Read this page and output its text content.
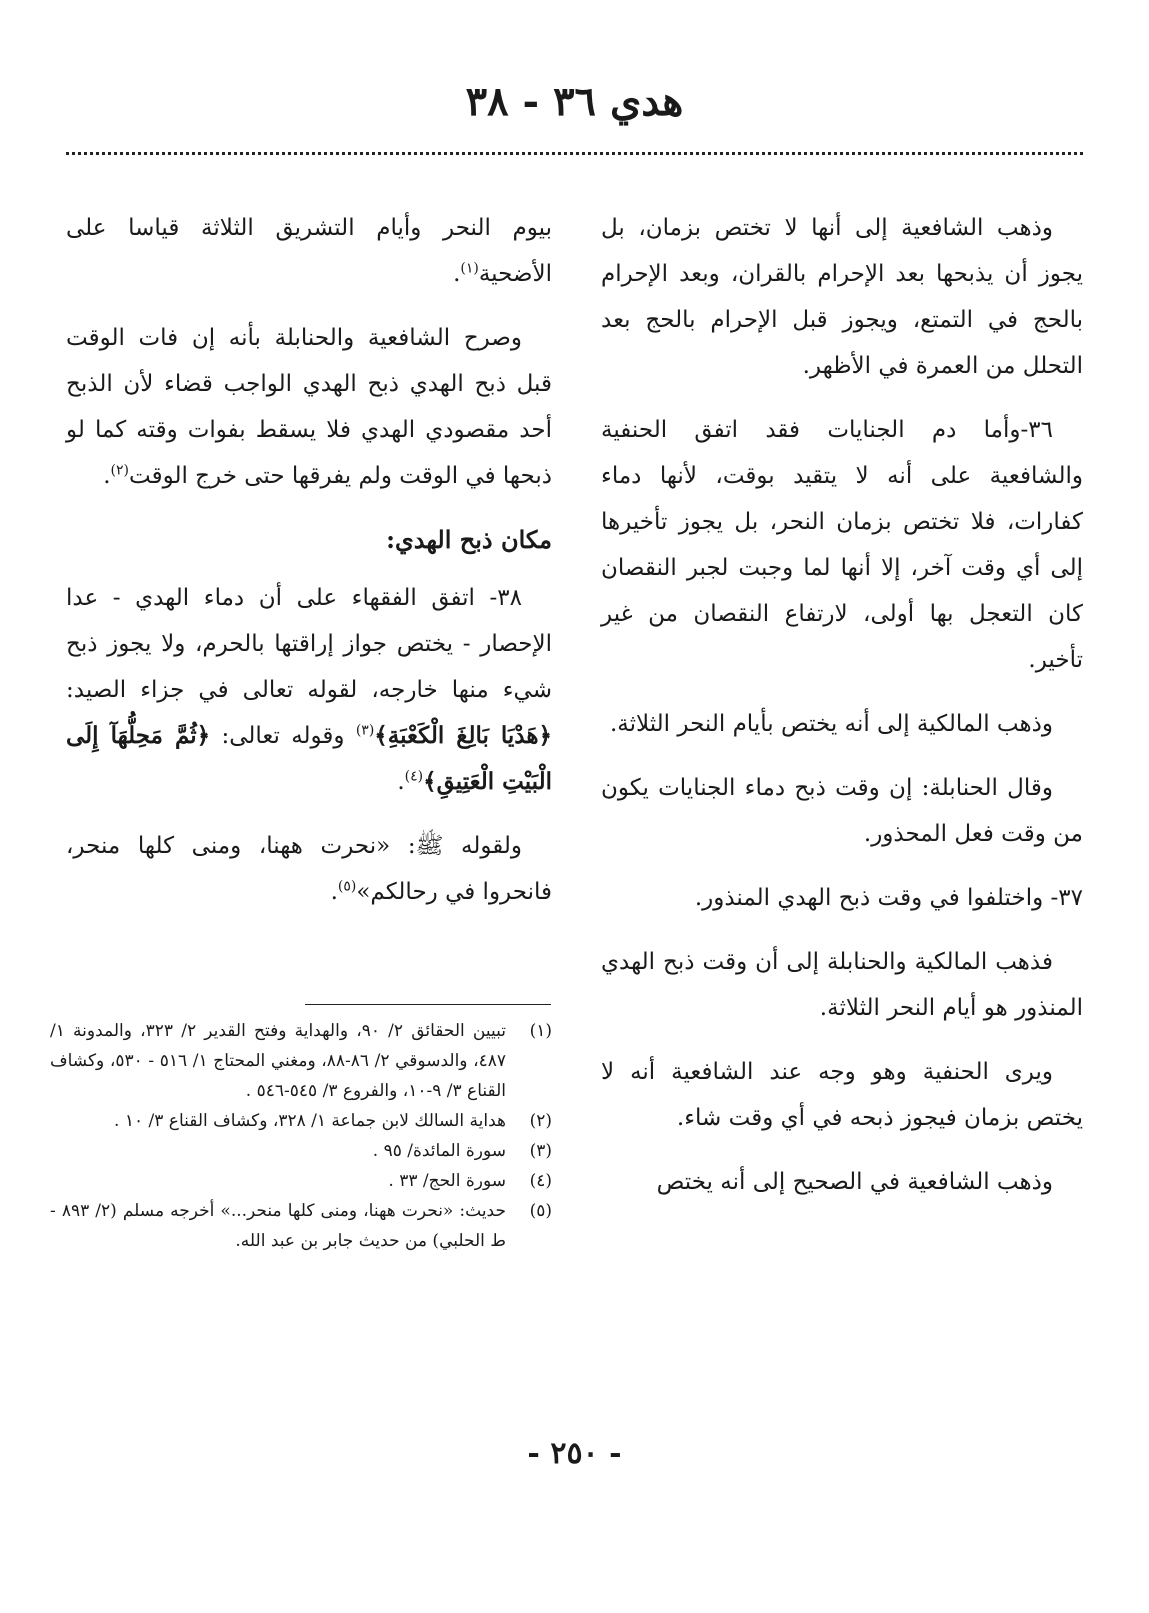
هدي ٣٦ - ٣٨

وذهب الشافعية إلى أنها لا تختص بزمان، بل يجوز أن يذبحها بعد الإحرام بالقران، وبعد الإحرام بالحج في التمتع، ويجوز قبل الإحرام بالحج بعد التحلل من العمرة في الأظهر.

٣٦-وأما دم الجنايات فقد اتفق الحنفية والشافعية على أنه لا يتقيد بوقت، لأنها دماء كفارات، فلا تختص بزمان النحر، بل يجوز تأخيرها إلى أي وقت آخر، إلا أنها لما وجبت لجبر النقصان كان التعجل بها أولى، لارتفاع النقصان من غير تأخير.

وذهب المالكية إلى أنه يختص بأيام النحر الثلاثة.

وقال الحنابلة: إن وقت ذبح دماء الجنايات يكون من وقت فعل المحذور.

٣٧- واختلفوا في وقت ذبح الهدي المنذور.

فذهب المالكية والحنابلة إلى أن وقت ذبح الهدي المنذور هو أيام النحر الثلاثة.

ويرى الحنفية وهو وجه عند الشافعية أنه لا يختص بزمان فيجوز ذبحه في أي وقت شاء.

وذهب الشافعية في الصحيح إلى أنه يختص

بيوم النحر وأيام التشريق الثلاثة قياسا على الأضحية$^{(١)}$.

وصرح الشافعية والحنابلة بأنه إن فات الوقت قبل ذبح الهدي ذبح الهدي الواجب قضاء لأن الذبح أحد مقصودي الهدي فلا يسقط بفوات وقته كما لو ذبحها في الوقت ولم يفرقها حتى خرج الوقت$^{(٢)}$.

مكان ذبح الهدي:

٣٨- اتفق الفقهاء على أن دماء الهدي - عدا الإحصار - يختص جواز إراقتها بالحرم، ولا يجوز ذبح شيء منها خارجه، لقوله تعالى في جزاء الصيد: ﴿هَدْيَا بَالِغَ الْكَعْبَةِ﴾$^{(٣)}$ وقوله تعالى: ﴿ثُمَّ مَحِلُّهَآ إِلَى الْبَيْتِ الْعَتِيقِ﴾$^{(٤)}$.

ولقوله ﷺ: «نحرت ههنا، ومنى كلها منحر، فانحروا في رحالكم»$^{(٥)}$.

(١)
تبيين الحقائق ٢/ ٩٠، والهداية وفتح القدير ٢/ ٣٢٣، والمدونة ١/ ٤٨٧، والدسوقي ٢/ ٨٦-٨٨، ومغني المحتاج ١/ ٥١٦ - ٥٣٠، وكشاف القناع ٣/ ٩-١٠، والفروع ٣/ ٥٤٥-٥٤٦ .
(٢)
هداية السالك لابن جماعة ١/ ٣٢٨، وكشاف القناع ٣/ ١٠ .
(٣)
سورة المائدة/ ٩٥ .
(٤)
سورة الحج/ ٣٣ .
(٥)
حديث: «نحرت ههنا، ومنى كلها منحر...» أخرجه مسلم (٢/ ٨٩٣ - ط الحلبي) من حديث جابر بن عبد الله.
- ٢٥٠ -
